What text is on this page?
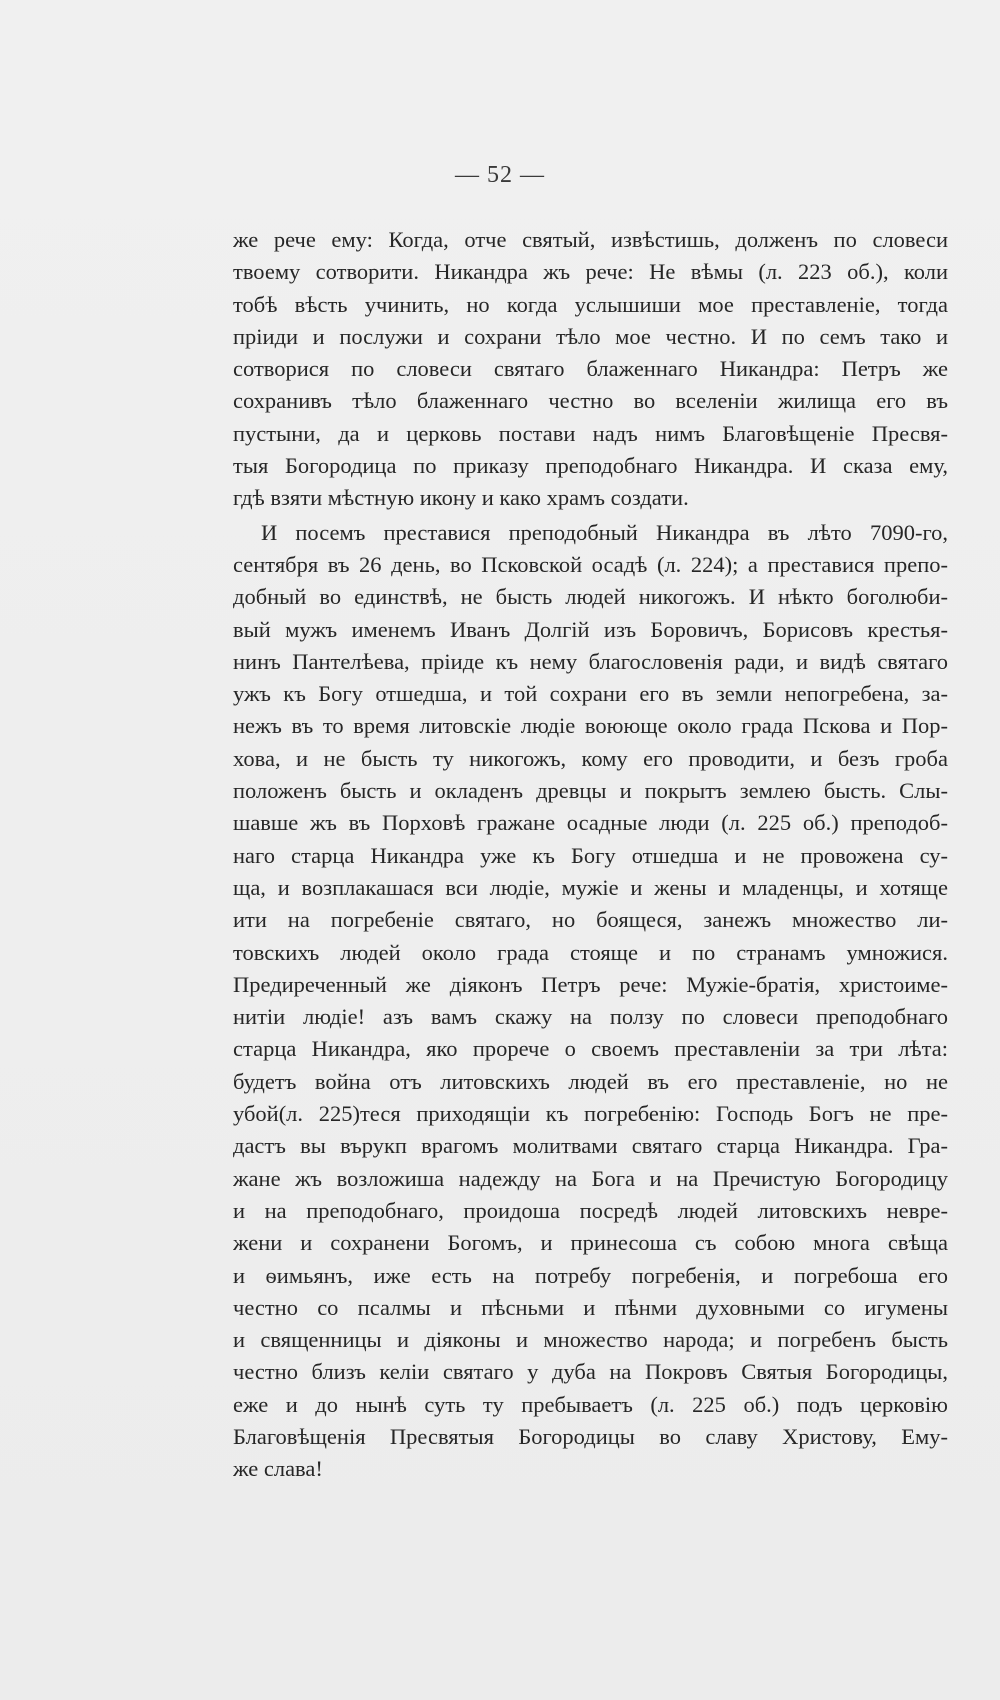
— 52 —
же рече ему: Когда, отче святый, извѣстишь, долженъ по словеси
твоему сотворити. Никандра жъ рече: Не вѣмы (л. 223 об.), коли
тобѣ вѣсть учинить, но когда услышиши мое преставленіе, тогда
пріиди и послужи и сохрани тѣло мое честно. И по семъ тако и
сотворися по словеси святаго блаженнаго Никандра: Петръ же
сохранивъ тѣло блаженнаго честно во вселеніи жилища его въ
пустыни, да и церковь постави надъ нимъ Благовѣщеніе Пресвя-
тыя Богородица по приказу преподобнаго Никандра. И сказа ему,
гдѣ взяти мѣстную икону и како храмъ создати.
И посемъ преставися преподобный Никандра въ лѣто 7090-го,
сентября въ 26 день, во Псковской осадѣ (л. 224); а преставися препо-
добный во единствѣ, не бысть людей никогожъ. И нѣкто боголюби-
вый мужъ именемъ Иванъ Долгій изъ Боровичъ, Борисовъ крестья-
нинъ Пантелѣева, пріиде къ нему благословенія ради, и видѣ святаго
ужъ къ Богу отшедша, и той сохрани его въ земли непогребена, за-
нежъ въ то время литовскіе людіе воююще около града Пскова и Пор-
хова, и не бысть ту никогожъ, кому его проводити, и безъ гроба
положенъ бысть и окладенъ древцы и покрытъ землею бысть. Слы-
шавше жъ въ Порховѣ гражане осадные люди (л. 225 об.) преподоб-
наго старца Никандра уже къ Богу отшедша и не провожена су-
ща, и возплакашася вси людіе, мужіе и жены и младенцы, и хотяще
ити на погребеніе святаго, но боящеся, занежъ множество ли-
товскихъ людей около града стояще и по странамъ умножися.
Предиреченный же діяконъ Петръ рече: Мужіе-братія, христоиме-
нитіи людіе! азъ вамъ скажу на ползу по словеси преподобнаго
старца Никандра, яко прорече о своемъ преставленіи за три лѣта:
будетъ война отъ литовскихъ людей въ его преставленіе, но не
убой(л. 225)теся приходящіи къ погребенію: Господь Богъ не пре-
дастъ вы върукп врагомъ молитвами святаго старца Никандра. Гра-
жане жъ возложиша надежду на Бога и на Пречистую Богородицу
и на преподобнаго, проидоша посредѣ людей литовскихъ невре-
жени и сохранени Богомъ, и принесоша съ собою многа свѣща
и ѳимьянъ, иже есть на потребу погребенія, и погребоша его
честно со псалмы и пѣсньми и пѣнми духовными со игумены
и священницы и діяконы и множество народа; и погребенъ бысть
честно близъ келіи святаго у дуба на Покровъ Святыя Богородицы,
еже и до нынѣ суть ту пребываетъ (л. 225 об.) подъ церковію
Благовѣщенія Пресвятыя Богородицы во славу Христову, Ему-
же слава!
